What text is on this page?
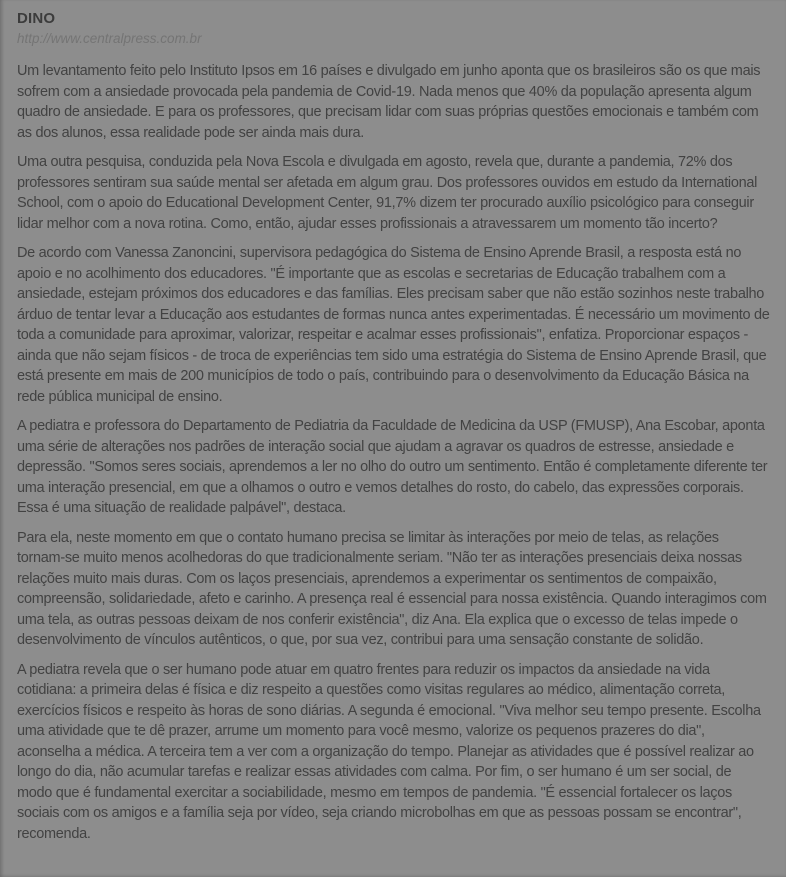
DINO
http://www.centralpress.com.br

Um levantamento feito pelo Instituto Ipsos em 16 países e divulgado em junho aponta que os brasileiros são os que mais sofrem com a ansiedade provocada pela pandemia de Covid-19. Nada menos que 40% da população apresenta algum quadro de ansiedade. E para os professores, que precisam lidar com suas próprias questões emocionais e também com as dos alunos, essa realidade pode ser ainda mais dura.

Uma outra pesquisa, conduzida pela Nova Escola e divulgada em agosto, revela que, durante a pandemia, 72% dos professores sentiram sua saúde mental ser afetada em algum grau. Dos professores ouvidos em estudo da International School, com o apoio do Educational Development Center, 91,7% dizem ter procurado auxílio psicológico para conseguir lidar melhor com a nova rotina. Como, então, ajudar esses profissionais a atravessarem um momento tão incerto?

De acordo com Vanessa Zanoncini, supervisora pedagógica do Sistema de Ensino Aprende Brasil, a resposta está no apoio e no acolhimento dos educadores. "É importante que as escolas e secretarias de Educação trabalhem com a ansiedade, estejam próximos dos educadores e das famílias. Eles precisam saber que não estão sozinhos neste trabalho árduo de tentar levar a Educação aos estudantes de formas nunca antes experimentadas. É necessário um movimento de toda a comunidade para aproximar, valorizar, respeitar e acalmar esses profissionais", enfatiza. Proporcionar espaços - ainda que não sejam físicos - de troca de experiências tem sido uma estratégia do Sistema de Ensino Aprende Brasil, que está presente em mais de 200 municípios de todo o país, contribuindo para o desenvolvimento da Educação Básica na rede pública municipal de ensino.

A pediatra e professora do Departamento de Pediatria da Faculdade de Medicina da USP (FMUSP), Ana Escobar, aponta uma série de alterações nos padrões de interação social que ajudam a agravar os quadros de estresse, ansiedade e depressão. "Somos seres sociais, aprendemos a ler no olho do outro um sentimento. Então é completamente diferente ter uma interação presencial, em que a olhamos o outro e vemos detalhes do rosto, do cabelo, das expressões corporais. Essa é uma situação de realidade palpável", destaca.

Para ela, neste momento em que o contato humano precisa se limitar às interações por meio de telas, as relações tornam-se muito menos acolhedoras do que tradicionalmente seriam. "Não ter as interações presenciais deixa nossas relações muito mais duras. Com os laços presenciais, aprendemos a experimentar os sentimentos de compaixão, compreensão, solidariedade, afeto e carinho. A presença real é essencial para nossa existência. Quando interagimos com uma tela, as outras pessoas deixam de nos conferir existência", diz Ana. Ela explica que o excesso de telas impede o desenvolvimento de vínculos autênticos, o que, por sua vez, contribui para uma sensação constante de solidão.

A pediatra revela que o ser humano pode atuar em quatro frentes para reduzir os impactos da ansiedade na vida cotidiana: a primeira delas é física e diz respeito a questões como visitas regulares ao médico, alimentação correta, exercícios físicos e respeito às horas de sono diárias. A segunda é emocional. "Viva melhor seu tempo presente. Escolha uma atividade que te dê prazer, arrume um momento para você mesmo, valorize os pequenos prazeres do dia", aconselha a médica. A terceira tem a ver com a organização do tempo. Planejar as atividades que é possível realizar ao longo do dia, não acumular tarefas e realizar essas atividades com calma. Por fim, o ser humano é um ser social, de modo que é fundamental exercitar a sociabilidade, mesmo em tempos de pandemia. "É essencial fortalecer os laços sociais com os amigos e a família seja por vídeo, seja criando microbolhas em que as pessoas possam se encontrar", recomenda.
